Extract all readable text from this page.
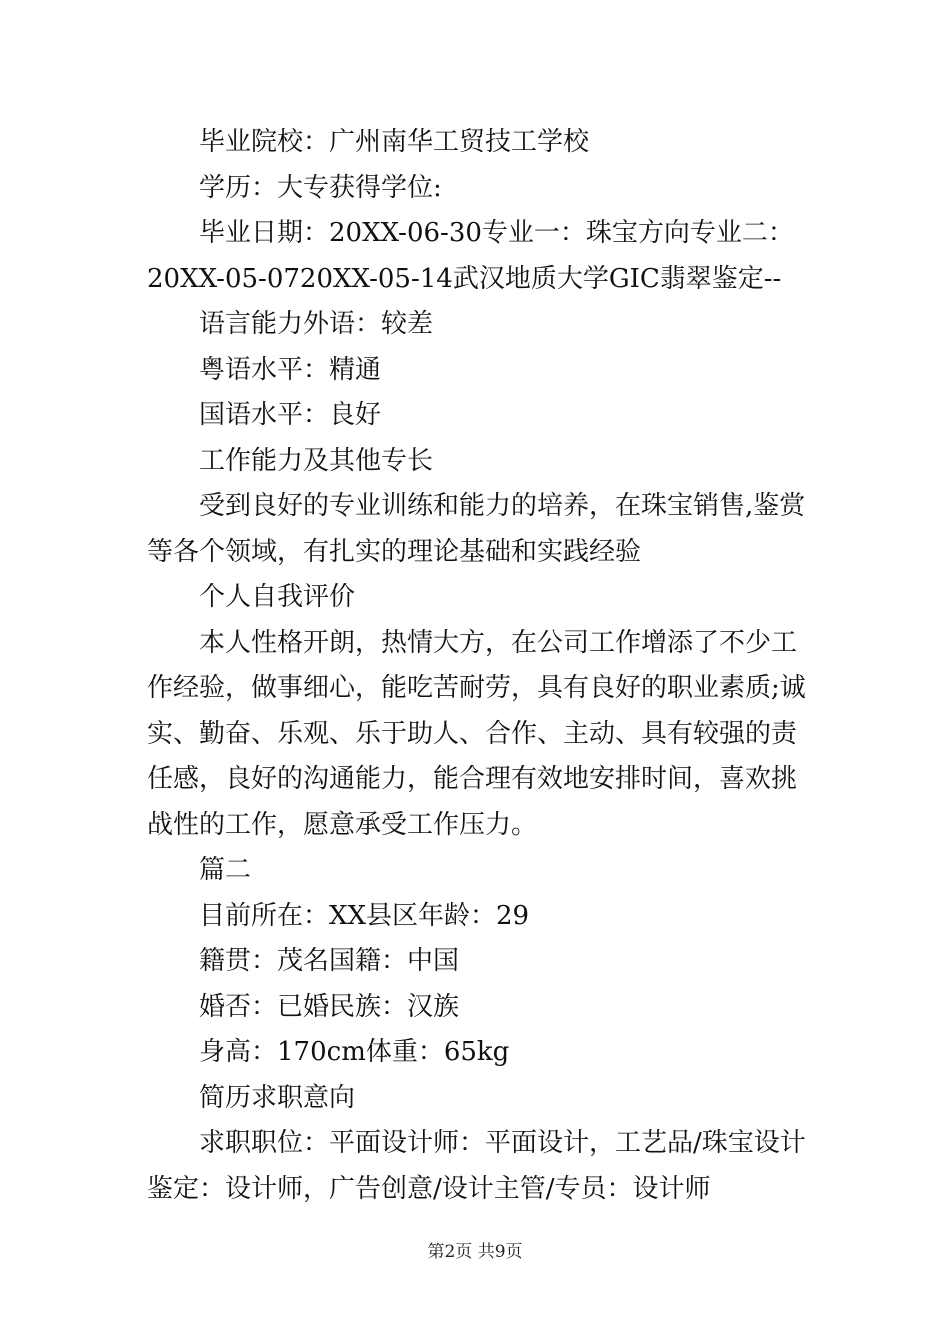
毕业院校：广州南华工贸技工学校

学历：大专获得学位:

毕业日期：20XX-06-30专业一：珠宝方向专业二：

20XX-05-0720XX-05-14武汉地质大学GIC翡翠鉴定--

语言能力外语：较差

粤语水平：精通

国语水平：良好

工作能力及其他专长

受到良好的专业训练和能力的培养，在珠宝销售,鉴赏

等各个领域，有扎实的理论基础和实践经验

个人自我评价

本人性格开朗，热情大方，在公司工作增添了不少工

作经验，做事细心，能吃苦耐劳，具有良好的职业素质;诚

实、勤奋、乐观、乐于助人、合作、主动、具有较强的责

任感，良好的沟通能力，能合理有效地安排时间，喜欢挑

战性的工作，愿意承受工作压力。

篇二

目前所在：XX县区年龄：29

籍贯：茂名国籍：中国

婚否：已婚民族：汉族

身高：170cm体重：65kg

简历求职意向

求职职位：平面设计师：平面设计，工艺品/珠宝设计

鉴定：设计师，广告创意/设计主管/专员：设计师

第2页 共9页
